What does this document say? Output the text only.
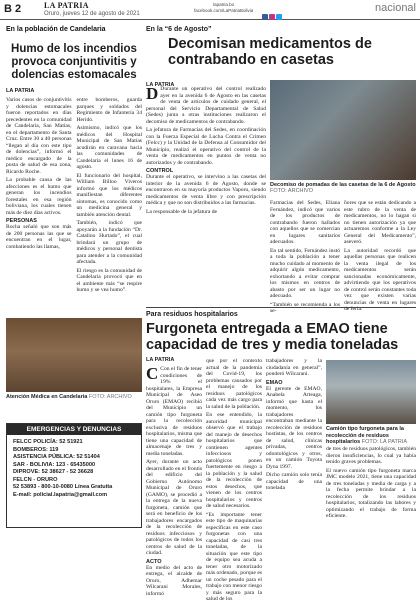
B 2	LA PATRIA
Oruro, jueves 12 de agosto de 2021
lapatria.bo
facebook.com/LaPatriaBolivia	nacional
En la población de Candelaria
Humo de los incendios provoca conjuntivitis y dolencias estomacales
LA PATRIA

Varios casos de conjuntivitis y dolencias estomacales fueron reportados en días precedentes en la comunidad de Candelaria, San Matías, en el departamento de Santa Cruz. Entre 30 a 40 personas “llegan al día con este tipo de dolencias”, informó el médico encargado de la posta de salud de esa zona, Ricardo Roche.

La probable causa de las afecciones es el humo que generan los incendios forestales en esa región boliviana, los cuales tienen más de diez días activos.

PERSONAS

Rocha señaló que son más de 200 personas las que se encuentran en el lugar, combatiendo las llamas,

entre bomberos, guarda parques y soldados del Regimiento de Infantería 34 Herido.

Asimismo, indicó que los médicos del Hospital Municipal de San Matías acudirán en caravana hacia las comunidades de Candelaria el lunes 16 de agosto.

El funcionario del hospital, William Billoo Viveros informó que los médicos manifiestan diferentes síntomas, es conocido como un medicina general y también atención dental.

También, indicó que apoyarán a la fundación “Dr. Catalino Hurtado”, el cual brindará un grupo de médicos y personal dentista para atender a la comunidad afectada.

El riesgo es la comunidad de Candelaria provocó que en el ambiente más “se respire humo y se vea humo”.

Atención Médica en Candelaria FOTO: ARCHIVO
EMERGENCIAS Y DENUNCIAS
FELCC POLICÍA: 52 51921
BOMBEROS: 119
ASISTENCIA PÚBLICA: 52 51404
SAR - BOLIVIA: 123 - 65435000
DIPROVE: 52 38627 - 52 36628
FELCN - ORURO
52 53893 - 800-10-0080 Línea Gratuita
E-mail: policial.lapatria@gmail.com
En la “6 de Agosto”
Decomisan medicamentos de contrabando en casetas
LA PATRIA

D Durante un operativo del control realizado ayer en la avenida 6 de Agosto en las casetas de venta de artículos de cuidado general, el personal del Servicio Departamental de Salud (Sedes) junta a otras instituciones realizaron el decomiso de medicamentos de contrabando.

La jefatura de Farmacias del Sedes, en coordinación con la Fuerza Especial de Lucha Contra el Crimen (Felcc) y la Unidad de la Defensa al Consumidor del Municipio, realizó el operativo del control de la venta de medicamentos en puntos de venta no autorizados y de contrabando.

CONTROL

Durante el operativo, se intervino a las casetas del interior de la avenida 6 de Agosto, donde se encontraron en su mayoría productos Vaporu, siendo medicamentos de venta libre y con prescripción médica y que no son distribuidos a las farmacias.

La responsable de la jefatura de

Farmacias del Sedes, Eliana Fernández, indicó que varios de los productos de contrabando fueron hallados con aquellos que se comercian en lugares sanitarios adecuados.

En tal sentido, Fernández instó a toda la población a tener mucho cuidado al momento de adquirir algún medicamento, exhortando a evitar comprar los mismos en centros de abasto por ser un lugar no adecuado.

“También se recomienda a los se-

ñores que se están dedicando a este rubro de la venta de medicamentos, no lo hagan si no tienen autorización ya que actuaremos conforme a la Ley General del Medicamento”, aseveró.

La autoridad recordó que aquellas personas que realicen la venta ilegal de los medicamentos serán sancionadas económicamente, advirtiendo que los operativos de control serán constantes toda vez que existen varias denuncias de venta en lugares de feria.

Decomiso de pomadas de las casetas de la 6 de Agosto FOTO: ARCHIVO
Para residuos hospitalarios
Furgoneta entregada a EMAO tiene capacidad de tres y media toneladas
LA PATRIA

C Con el fin de tener condiciones de 19% el hospitalares, la Empresa Municipal de Aseo Oruro (EMAO) recibió del Municipio un camión tipo furgoneta para la recolección exclusiva de residuos hospitalarios, misma que tiene una capacidad de almacenaje de tres y media toneladas.

Ayer, durante un acto desarrollado en el frontis del edificio del Gobierno Autónomo Municipal de Oruro (GAMO), se procedió a la entrega de la nueva furgoneta, camión que será en beneficio de los trabajadores encargados de la recolección de residuos infecciosos y patológicos de todos los centros de salud de la ciudad.

ACTO

En medio del acto de entrega, el alcalde de Oruro, Adhemar Wilcarani Morales, informó

que por el contexto actual de la pandemia del Covid-19, los problemas causados por el manejo de los residuos patológicos cada vez más cargo para la salud de la población.

En ese entendido, la autoridad municipal observó que el trabajo del manejo de desechos hospitalarios que contienen agentes infecciosos y patológicos ponen fuertemente en riesgo a la población y la salud de la recolección de estos desechos, que vienen de los centros hospitalarios y centros de salud necesarios.

“Es importante tener este tipo de maquinarias específicas en este caso furgonetas con una capacidad de casi tres toneladas, de la situación que este tipo de equipo sea acuda a tener otro motorizado más ordenado, porque es un coche pesado para el trabajo con menor riesgo y más seguro para la salud de los

trabajadores y la ciudadanía en general”, ponderó Wilcarani.

EMAO

El gerente de EMAO, Anabela Arteaga, informó que hasta el momento, los trabajadores encontraban mediante la recolección de residuos hostistas, de los centros de salud, clínicas privadas, centros odontológicos y otros, en un camión Toyota Dyna 1997.

Dicho camión solo tenía capacidad de una tonelada

de tres de residuos patológicos, también dieron insuficiencias, lo cual ya había tenido graves problemas.

El nuevo camión tipo furgoneta marca JMC modelo 2021, tiene una capacidad de tres toneladas y media de carga y a la fecha permite brindar a la recolección de los residuos hospitalarios, totalizando las labores y optimizando el trabajo de forma eficiente.

Camión tipo furgoneta para la recolección de residuos hospitalarios FOTO: LA PATRIA
